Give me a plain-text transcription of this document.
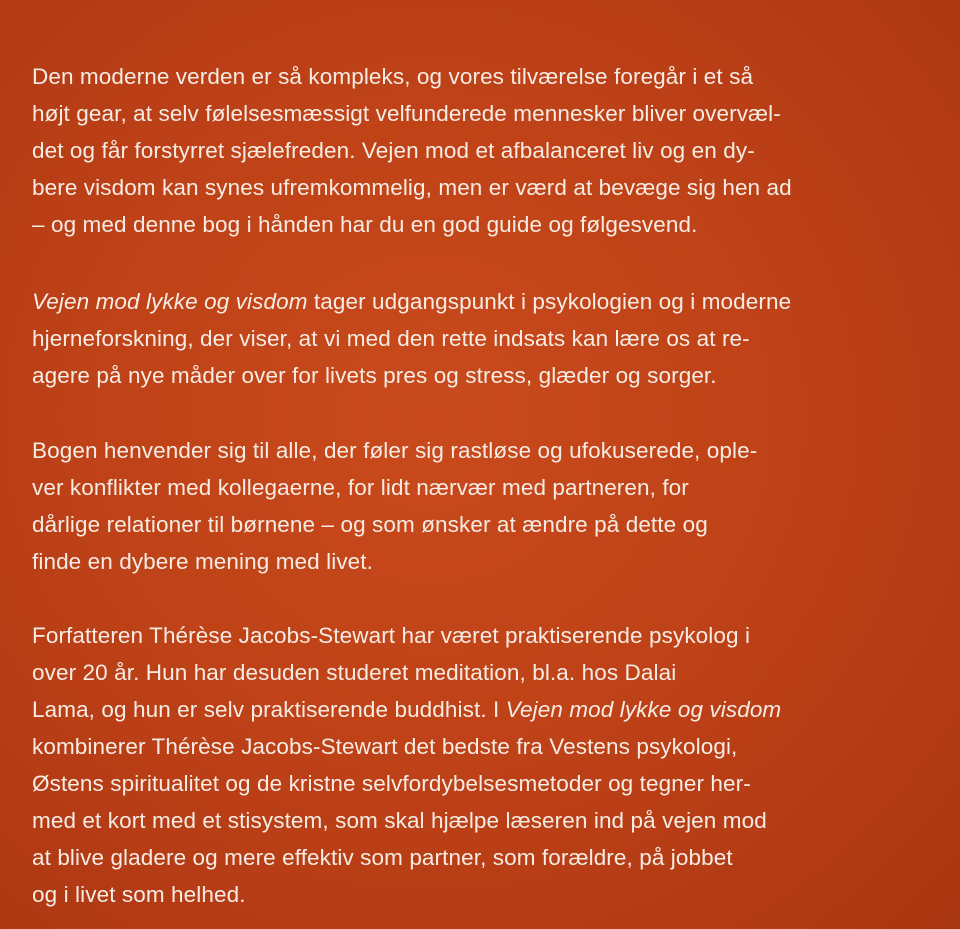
Den moderne verden er så kompleks, og vores tilværelse foregår i et så
højt gear, at selv følelsesmæssigt velfunderede mennesker bliver overvæl-
det og får forstyrret sjælefreden. Vejen mod et afbalanceret liv og en dy-
bere visdom kan synes ufremkommelig, men er værd at bevæge sig hen ad
– og med denne bog i hånden har du en god guide og følgesvend.

Vejen mod lykke og visdom tager udgangspunkt i psykologien og i moderne
hjerneforskning, der viser, at vi med den rette indsats kan lære os at re-
agere på nye måder over for livets pres og stress, glæder og sorger.

Bogen henvender sig til alle, der føler sig rastløse og ufokuserede, ople-
ver konflikter med kollegaerne, for lidt nærvær med partneren, for
dårlige relationer til børnene – og som ønsker at ændre på dette og
finde en dybere mening med livet.

Forfatteren Thérèse Jacobs-Stewart har været praktiserende psykolog i
over 20 år. Hun har desuden studeret meditation, bl.a. hos Dalai
Lama, og hun er selv praktiserende buddhist. I Vejen mod lykke og visdom
kombinerer Thérèse Jacobs-Stewart det bedste fra Vestens psykologi,
Østens spiritualitet og de kristne selvfordybelsesmetoder og tegner her-
med et kort med et stisystem, som skal hjælpe læseren ind på vejen mod
at blive gladere og mere effektiv som partner, som forældre, på jobbet
og i livet som helhed.
